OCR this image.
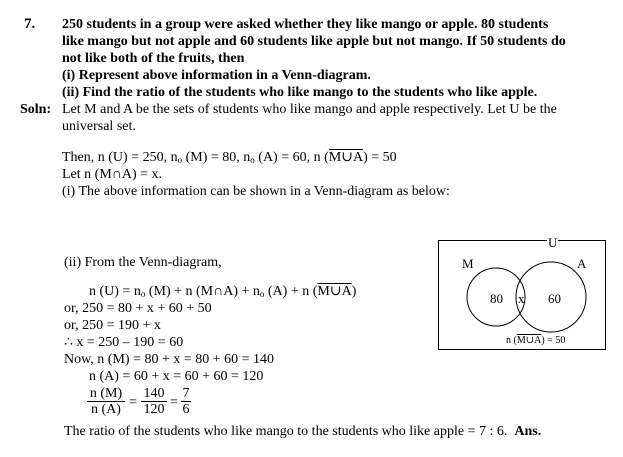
7. 250 students in a group were asked whether they like mango or apple. 80 students
like mango but not apple and 60 students like apple but not mango. If 50 students do
not like both of the fruits, then
(i) Represent above information in a Venn-diagram.
(ii) Find the ratio of the students who like mango to the students who like apple.
Soln: Let M and A be the sets of students who like mango and apple respectively. Let U be the
universal set.
Then, n (U) = 250, $n_o$ (M) = 80, $n_o$ (A) = 60, n (M∪A) = 50
Let n (M∩A) = x.
(i) The above information can be shown in a Venn-diagram as below:
(ii) From the Venn-diagram,
n $(U) = n_o$ (M) + n (M∩A) + $n_o$ (A) + n (M∪A)
or, 250 = 80 + x + 60 + 50
or, 250 = 190 + x
∴ x = 250 – 190 = 60
Now, n (M) = 80 + x = 80 + 60 = 140
n (A) = 60 + x = 60 + 60 = 120
$\frac{n (M)}{n (A)} = \frac{140}{120} = \frac{7}{6}$
The ratio of the students who like mango to the students who like apple = 7 : 6. Ans.
U
M	A
80 x 60
n (M∪A) = 50
